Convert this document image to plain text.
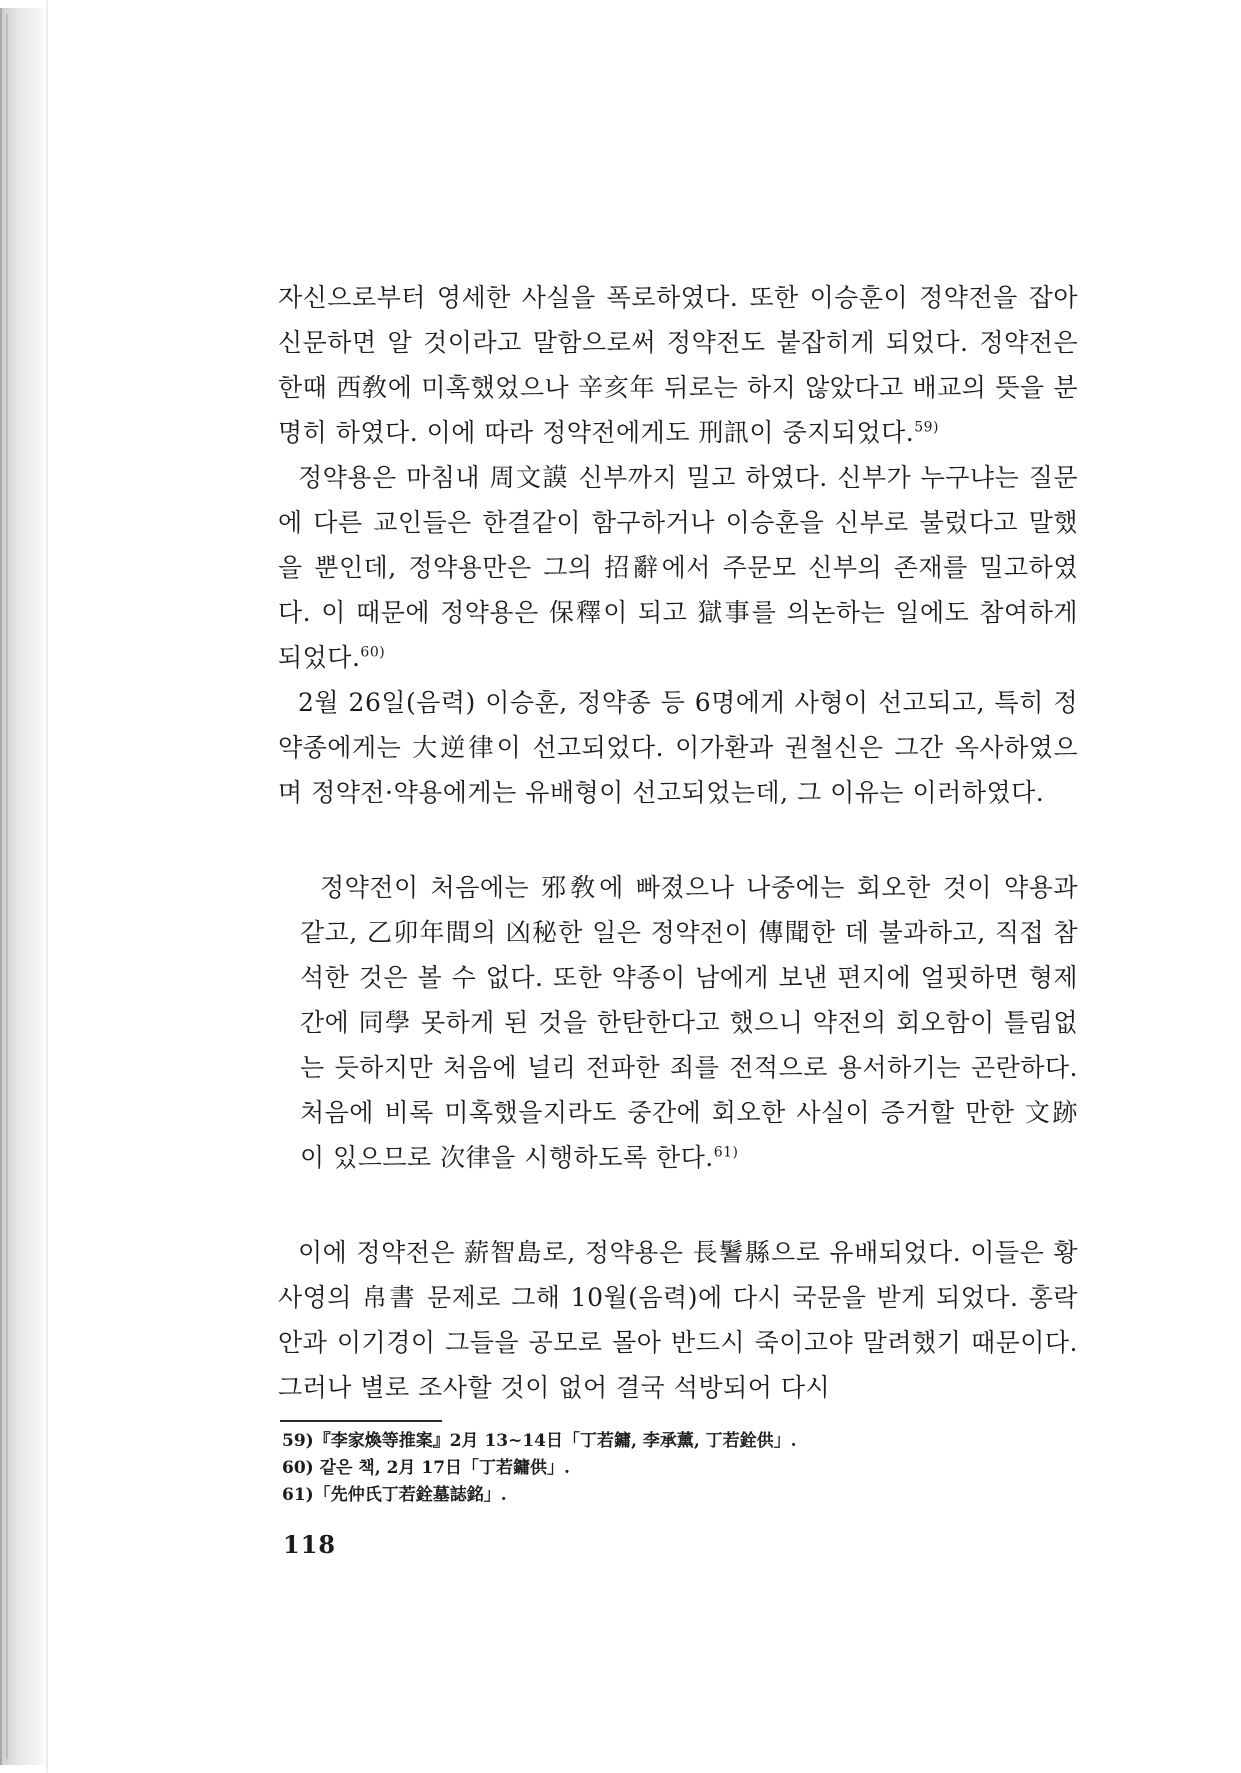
자신으로부터 영세한 사실을 폭로하였다. 또한 이승훈이 정약전을 잡아 신문하면 알 것이라고 말함으로써 정약전도 붙잡히게 되었다. 정약전은 한때 西敎에 미혹했었으나 辛亥年 뒤로는 하지 않았다고 배교의 뜻을 분명히 하였다. 이에 따라 정약전에게도 刑訊이 중지되었다.$^{59)}$

정약용은 마침내 周文謨 신부까지 밀고 하였다. 신부가 누구냐는 질문에 다른 교인들은 한결같이 함구하거나 이승훈을 신부로 불렀다고 말했을 뿐인데, 정약용만은 그의 招辭에서 주문모 신부의 존재를 밀고하였다. 이 때문에 정약용은 保釋이 되고 獄事를 의논하는 일에도 참여하게 되었다.$^{60)}$

2월 26일(음력) 이승훈, 정약종 등 6명에게 사형이 선고되고, 특히 정약종에게는 大逆律이 선고되었다. 이가환과 권철신은 그간 옥사하였으며 정약전·약용에게는 유배형이 선고되었는데, 그 이유는 이러하였다.

정약전이 처음에는 邪敎에 빠졌으나 나중에는 회오한 것이 약용과 같고, 乙卯年間의 凶秘한 일은 정약전이 傳聞한 데 불과하고, 직접 참석한 것은 볼 수 없다. 또한 약종이 남에게 보낸 편지에 얼핏하면 형제간에 同學 못하게 된 것을 한탄한다고 했으니 약전의 회오함이 틀림없는 듯하지만 처음에 널리 전파한 죄를 전적으로 용서하기는 곤란하다. 처음에 비록 미혹했을지라도 중간에 회오한 사실이 증거할 만한 文跡이 있으므로 次律을 시행하도록 한다.$^{61)}$

이에 정약전은 薪智島로, 정약용은 長鬐縣으로 유배되었다. 이들은 황사영의 帛書 문제로 그해 10월(음력)에 다시 국문을 받게 되었다. 홍락안과 이기경이 그들을 공모로 몰아 반드시 죽이고야 말려했기 때문이다. 그러나 별로 조사할 것이 없어 결국 석방되어 다시

59)『李家煥等推案』2月 13~14日「丁若鏞, 李承薰, 丁若銓供」.

60) 같은 책, 2月 17日「丁若鏞供」.

61)「先仲氏丁若銓墓誌銘」.

118
